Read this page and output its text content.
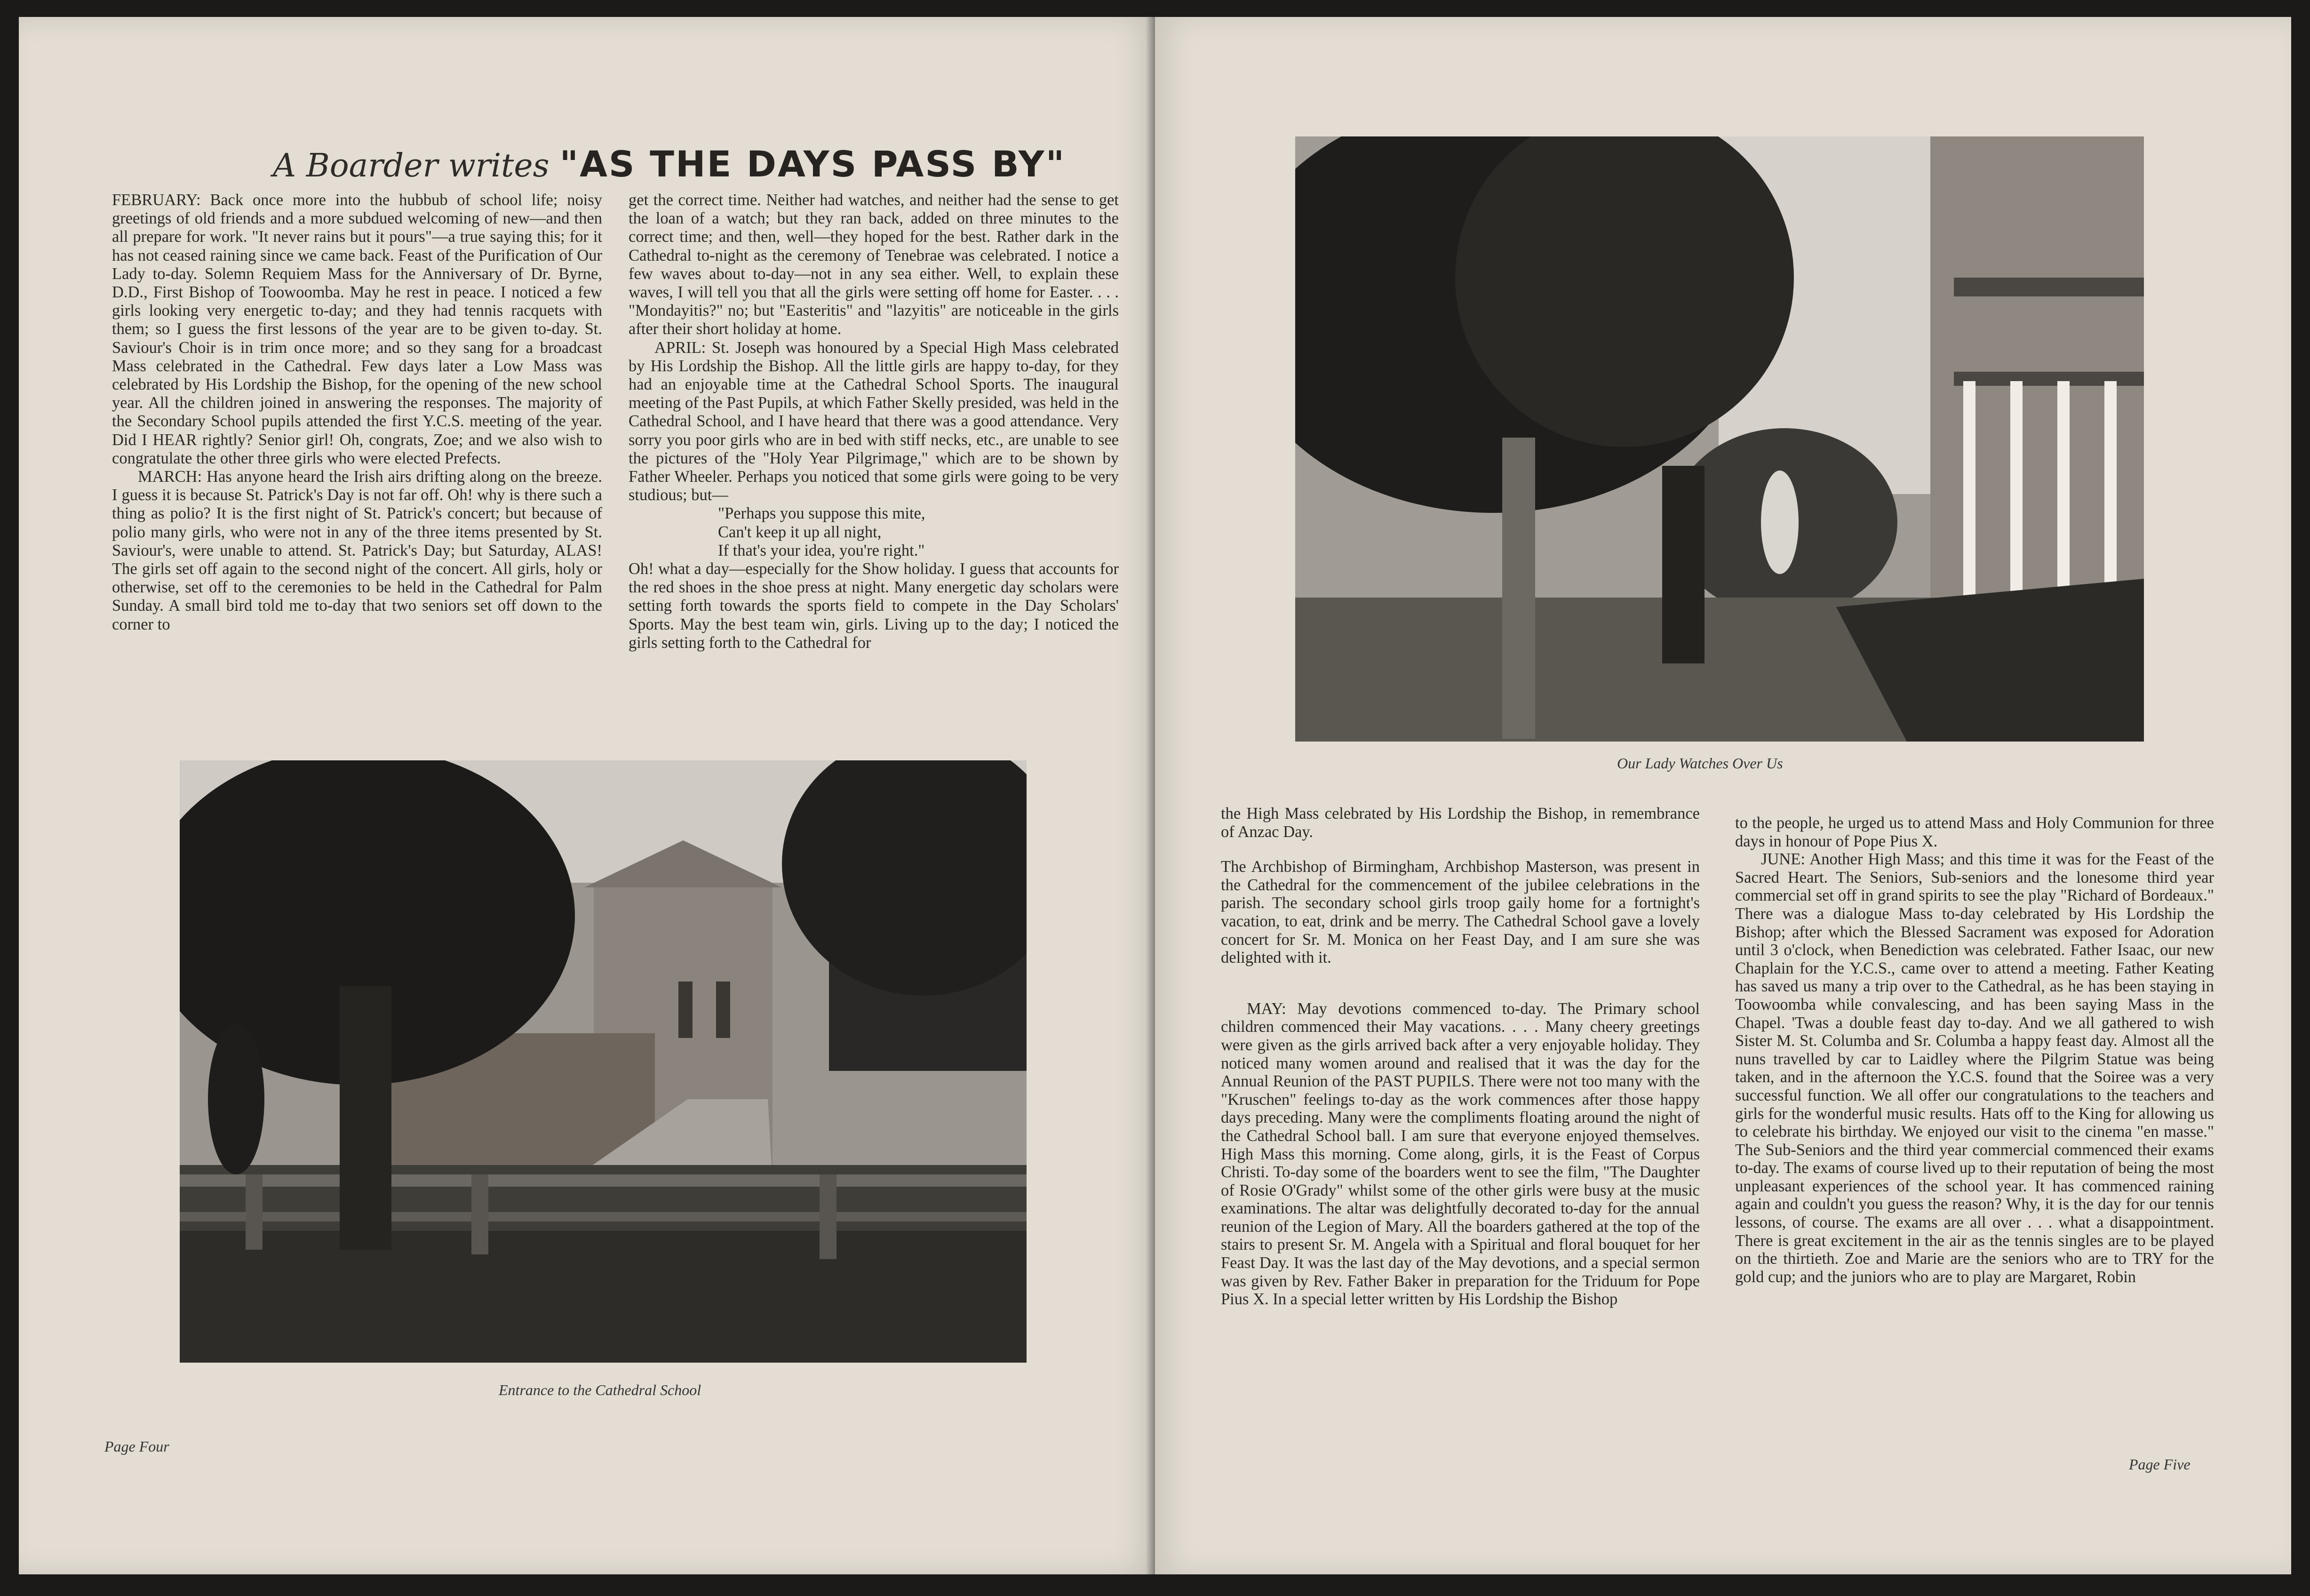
A Boarder writes "AS THE DAYS PASS BY"

FEBRUARY: Back once more into the hubbub of school life; noisy greetings of old friends and a more subdued welcoming of new—and then all prepare for work. "It never rains but it pours"—a true saying this; for it has not ceased raining since we came back. Feast of the Purification of Our Lady to-day. Solemn Requiem Mass for the Anniversary of Dr. Byrne, D.D., First Bishop of Toowoomba. May he rest in peace. I noticed a few girls looking very energetic to-day; and they had tennis racquets with them; so I guess the first lessons of the year are to be given to-day. St. Saviour's Choir is in trim once more; and so they sang for a broadcast Mass celebrated in the Cathedral. Few days later a Low Mass was celebrated by His Lordship the Bishop, for the opening of the new school year. All the children joined in answering the responses. The majority of the Secondary School pupils attended the first Y.C.S. meeting of the year. Did I HEAR rightly? Senior girl! Oh, congrats, Zoe; and we also wish to congratulate the other three girls who were elected Prefects.

MARCH: Has anyone heard the Irish airs drifting along on the breeze. I guess it is because St. Patrick's Day is not far off. Oh! why is there such a thing as polio? It is the first night of St. Patrick's concert; but because of polio many girls, who were not in any of the three items presented by St. Saviour's, were unable to attend. St. Patrick's Day; but Saturday, ALAS! The girls set off again to the second night of the concert. All girls, holy or otherwise, set off to the ceremonies to be held in the Cathedral for Palm Sunday. A small bird told me to-day that two seniors set off down to the corner to

get the correct time. Neither had watches, and neither had the sense to get the loan of a watch; but they ran back, added on three minutes to the correct time; and then, well—they hoped for the best. Rather dark in the Cathedral to-night as the ceremony of Tenebrae was celebrated. I notice a few waves about to-day—not in any sea either. Well, to explain these waves, I will tell you that all the girls were setting off home for Easter. . . . "Mondayitis?" no; but "Easteritis" and "lazyitis" are noticeable in the girls after their short holiday at home.

APRIL: St. Joseph was honoured by a Special High Mass celebrated by His Lordship the Bishop. All the little girls are happy to-day, for they had an enjoyable time at the Cathedral School Sports. The inaugural meeting of the Past Pupils, at which Father Skelly presided, was held in the Cathedral School, and I have heard that there was a good attendance. Very sorry you poor girls who are in bed with stiff necks, etc., are unable to see the pictures of the "Holy Year Pilgrimage," which are to be shown by Father Wheeler. Perhaps you noticed that some girls were going to be very studious; but—

"Perhaps you suppose this mite,

Can't keep it up all night,

If that's your idea, you're right."

Oh! what a day—especially for the Show holiday. I guess that accounts for the red shoes in the shoe press at night. Many energetic day scholars were setting forth towards the sports field to compete in the Day Scholars' Sports. May the best team win, girls. Living up to the day; I noticed the girls setting forth to the Cathedral for

Entrance to the Cathedral School
Page Four
Our Lady Watches Over Us

the High Mass celebrated by His Lordship the Bishop, in remembrance of Anzac Day.

The Archbishop of Birmingham, Archbishop Masterson, was present in the Cathedral for the commencement of the jubilee celebrations in the parish. The secondary school girls troop gaily home for a fortnight's vacation, to eat, drink and be merry. The Cathedral School gave a lovely concert for Sr. M. Monica on her Feast Day, and I am sure she was delighted with it.

MAY: May devotions commenced to-day. The Primary school children commenced their May vacations. . . . Many cheery greetings were given as the girls arrived back after a very enjoyable holiday. They noticed many women around and realised that it was the day for the Annual Reunion of the PAST PUPILS. There were not too many with the "Kruschen" feelings to-day as the work commences after those happy days preceding. Many were the compliments floating around the night of the Cathedral School ball. I am sure that everyone enjoyed themselves. High Mass this morning. Come along, girls, it is the Feast of Corpus Christi. To-day some of the boarders went to see the film, "The Daughter of Rosie O'Grady" whilst some of the other girls were busy at the music examinations. The altar was delightfully decorated to-day for the annual reunion of the Legion of Mary. All the boarders gathered at the top of the stairs to present Sr. M. Angela with a Spiritual and floral bouquet for her Feast Day. It was the last day of the May devotions, and a special sermon was given by Rev. Father Baker in preparation for the Triduum for Pope Pius X. In a special letter written by His Lordship the Bishop

to the people, he urged us to attend Mass and Holy Communion for three days in honour of Pope Pius X.

JUNE: Another High Mass; and this time it was for the Feast of the Sacred Heart. The Seniors, Sub-seniors and the lonesome third year commercial set off in grand spirits to see the play "Richard of Bordeaux." There was a dialogue Mass to-day celebrated by His Lordship the Bishop; after which the Blessed Sacrament was exposed for Adoration until 3 o'clock, when Benediction was celebrated. Father Isaac, our new Chaplain for the Y.C.S., came over to attend a meeting. Father Keating has saved us many a trip over to the Cathedral, as he has been staying in Toowoomba while convalescing, and has been saying Mass in the Chapel. 'Twas a double feast day to-day. And we all gathered to wish Sister M. St. Columba and Sr. Columba a happy feast day. Almost all the nuns travelled by car to Laidley where the Pilgrim Statue was being taken, and in the afternoon the Y.C.S. found that the Soiree was a very successful function. We all offer our congratulations to the teachers and girls for the wonderful music results. Hats off to the King for allowing us to celebrate his birthday. We enjoyed our visit to the cinema "en masse." The Sub-Seniors and the third year commercial commenced their exams to-day. The exams of course lived up to their reputation of being the most unpleasant experiences of the school year. It has commenced raining again and couldn't you guess the reason? Why, it is the day for our tennis lessons, of course. The exams are all over . . . what a disappointment. There is great excitement in the air as the tennis singles are to be played on the thirtieth. Zoe and Marie are the seniors who are to TRY for the gold cup; and the juniors who are to play are Margaret, Robin

Page Five
